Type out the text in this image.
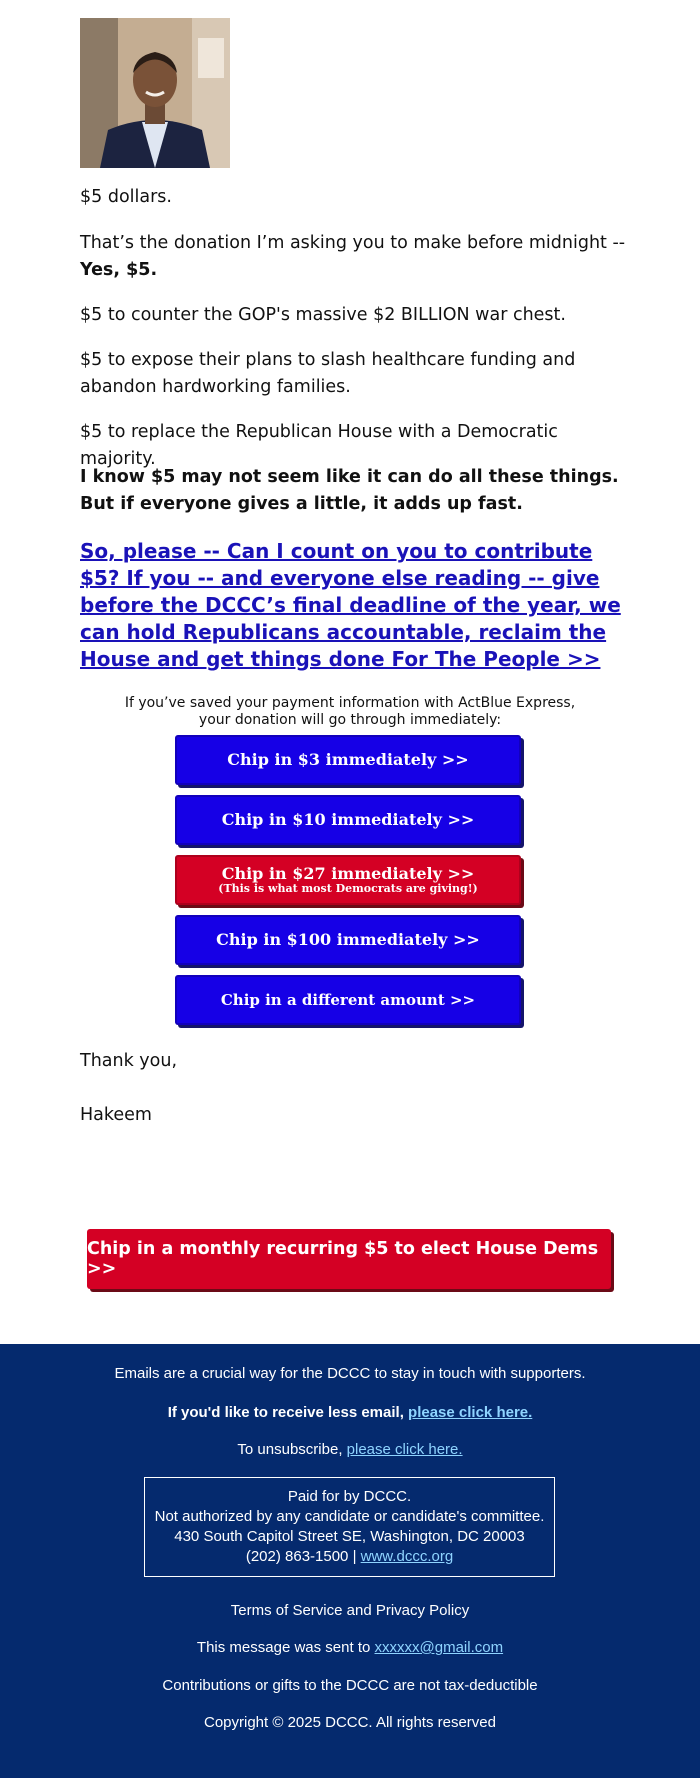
$5 dollars.

That’s the donation I’m asking you to make before midnight -- Yes, $5.

$5 to counter the GOP's massive $2 BILLION war chest.

$5 to expose their plans to slash healthcare funding and abandon hardworking families.

$5 to replace the Republican House with a Democratic majority.

I know $5 may not seem like it can do all these things. But if everyone gives a little, it adds up fast.

So, please -- Can I count on you to contribute $5? If you -- and everyone else reading -- give before the DCCC’s final deadline of the year, we can hold Republicans accountable, reclaim the House and get things done For The People >>
If you’ve saved your payment information with ActBlue Express,
your donation will go through immediately:
Chip in $3 immediately >>
Chip in $10 immediately >>
Chip in $27 immediately >>
(This is what most Democrats are giving!)
Chip in $100 immediately >>
Chip in a different amount >>

Thank you,

Hakeem

Chip in a monthly recurring $5 to elect House Dems >>
Emails are a crucial way for the DCCC to stay in touch with supporters.
If you'd like to receive less email, please click here.
To unsubscribe, please click here.
Paid for by DCCC.
Not authorized by any candidate or candidate's committee.
430 South Capitol Street SE, Washington, DC 20003
(202) 863-1500 | www.dccc.org
Terms of Service and Privacy Policy
This message was sent to xxxxxx@gmail.com
Contributions or gifts to the DCCC are not tax-deductible
Copyright © 2025 DCCC. All rights reserved
